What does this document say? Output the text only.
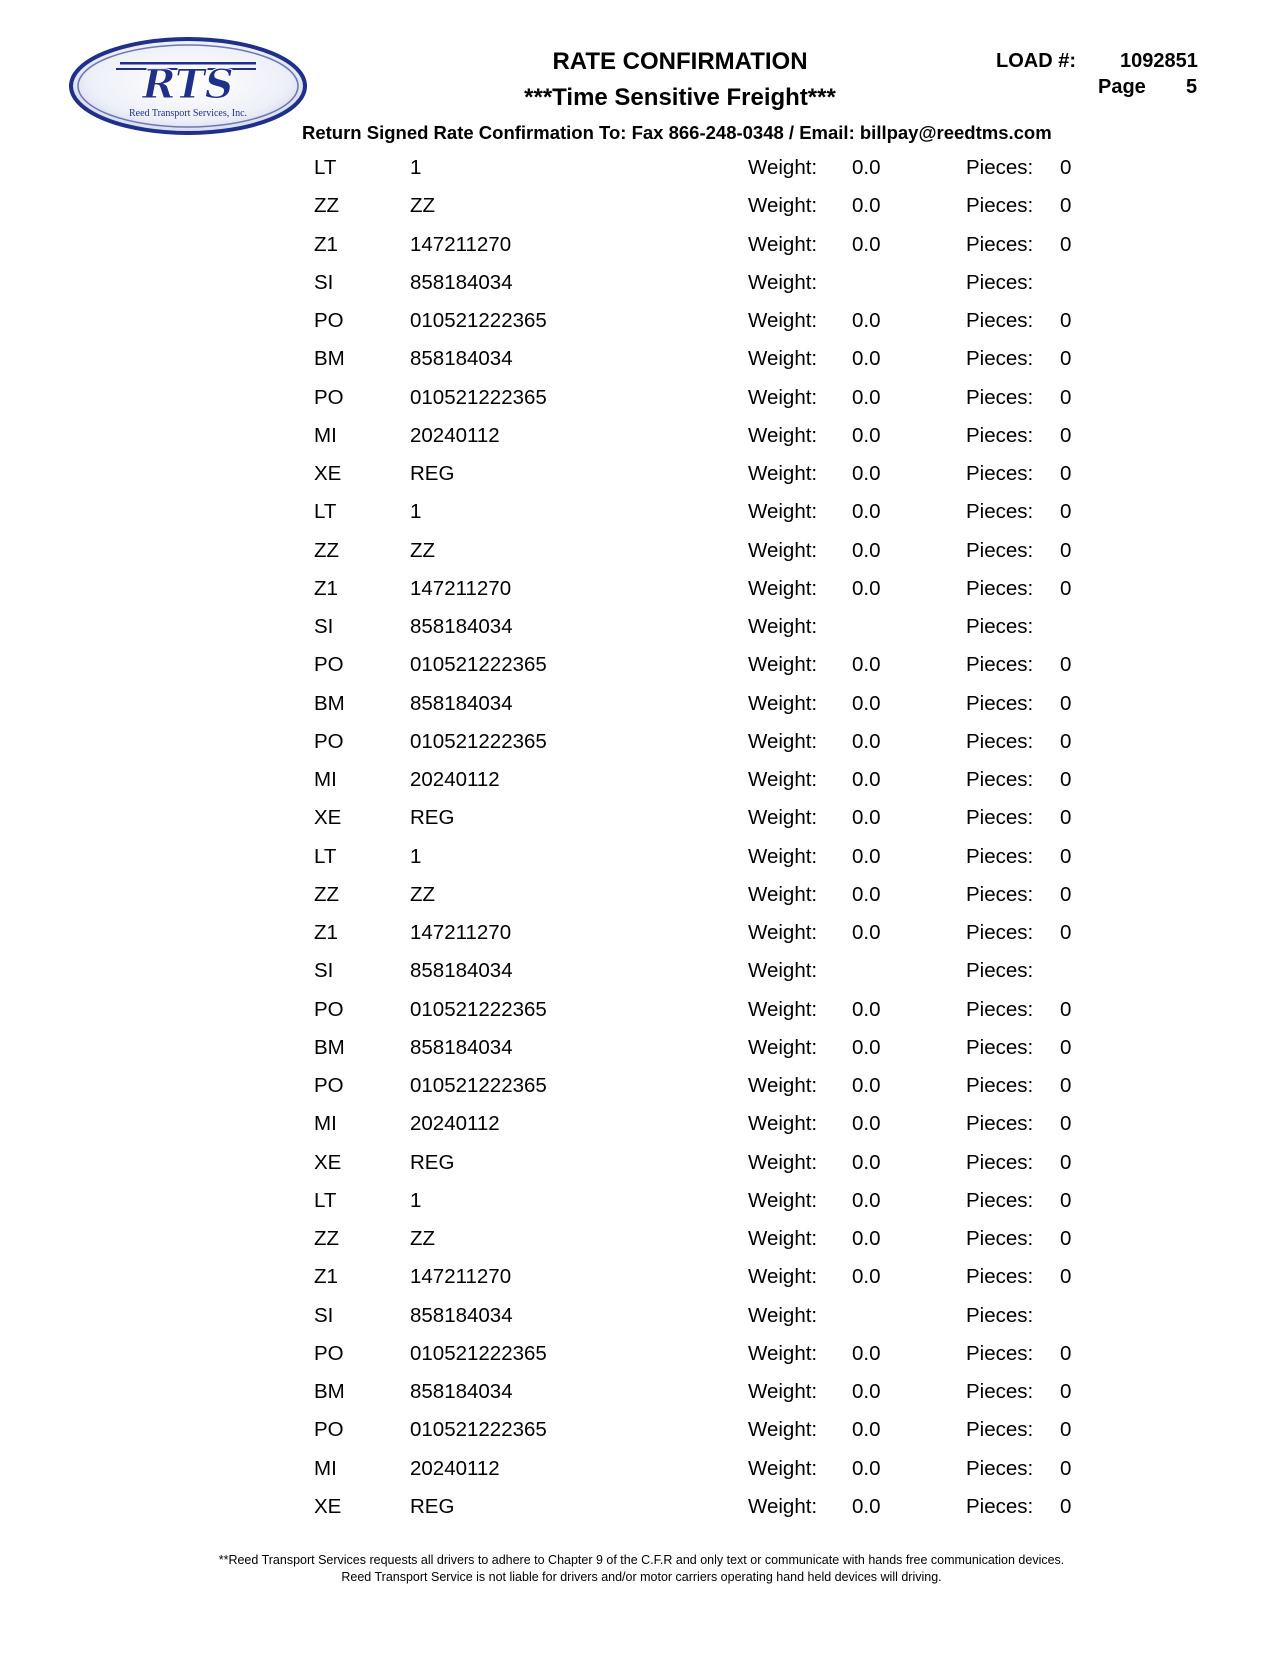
RTS
Reed Transport Services, Inc.
RATE CONFIRMATION
***Time Sensitive Freight***
LOAD #: 1092851
Page 5
Return Signed Rate Confirmation To: Fax 866-248-0348 / Email: billpay@reedtms.com
LT	1	Weight: 0.0	Pieces: 0
ZZ	ZZ	Weight: 0.0	Pieces: 0
Z1	147211270	Weight: 0.0	Pieces: 0
SI	858184034	Weight:	Pieces:
PO	010521222365	Weight: 0.0	Pieces: 0
BM	858184034	Weight: 0.0	Pieces: 0
PO	010521222365	Weight: 0.0	Pieces: 0
MI	20240112	Weight: 0.0	Pieces: 0
XE	REG	Weight: 0.0	Pieces: 0
LT	1	Weight: 0.0	Pieces: 0
ZZ	ZZ	Weight: 0.0	Pieces: 0
Z1	147211270	Weight: 0.0	Pieces: 0
SI	858184034	Weight:	Pieces:
PO	010521222365	Weight: 0.0	Pieces: 0
BM	858184034	Weight: 0.0	Pieces: 0
PO	010521222365	Weight: 0.0	Pieces: 0
MI	20240112	Weight: 0.0	Pieces: 0
XE	REG	Weight: 0.0	Pieces: 0
LT	1	Weight: 0.0	Pieces: 0
ZZ	ZZ	Weight: 0.0	Pieces: 0
Z1	147211270	Weight: 0.0	Pieces: 0
SI	858184034	Weight:	Pieces:
PO	010521222365	Weight: 0.0	Pieces: 0
BM	858184034	Weight: 0.0	Pieces: 0
PO	010521222365	Weight: 0.0	Pieces: 0
MI	20240112	Weight: 0.0	Pieces: 0
XE	REG	Weight: 0.0	Pieces: 0
LT	1	Weight: 0.0	Pieces: 0
ZZ	ZZ	Weight: 0.0	Pieces: 0
Z1	147211270	Weight: 0.0	Pieces: 0
SI	858184034	Weight:	Pieces:
PO	010521222365	Weight: 0.0	Pieces: 0
BM	858184034	Weight: 0.0	Pieces: 0
PO	010521222365	Weight: 0.0	Pieces: 0
MI	20240112	Weight: 0.0	Pieces: 0
XE	REG	Weight: 0.0	Pieces: 0
**Reed Transport Services requests all drivers to adhere to Chapter 9 of the C.F.R and only text or communicate with hands free communication devices.
Reed Transport Service is not liable for drivers and/or motor carriers operating hand held devices will driving.
